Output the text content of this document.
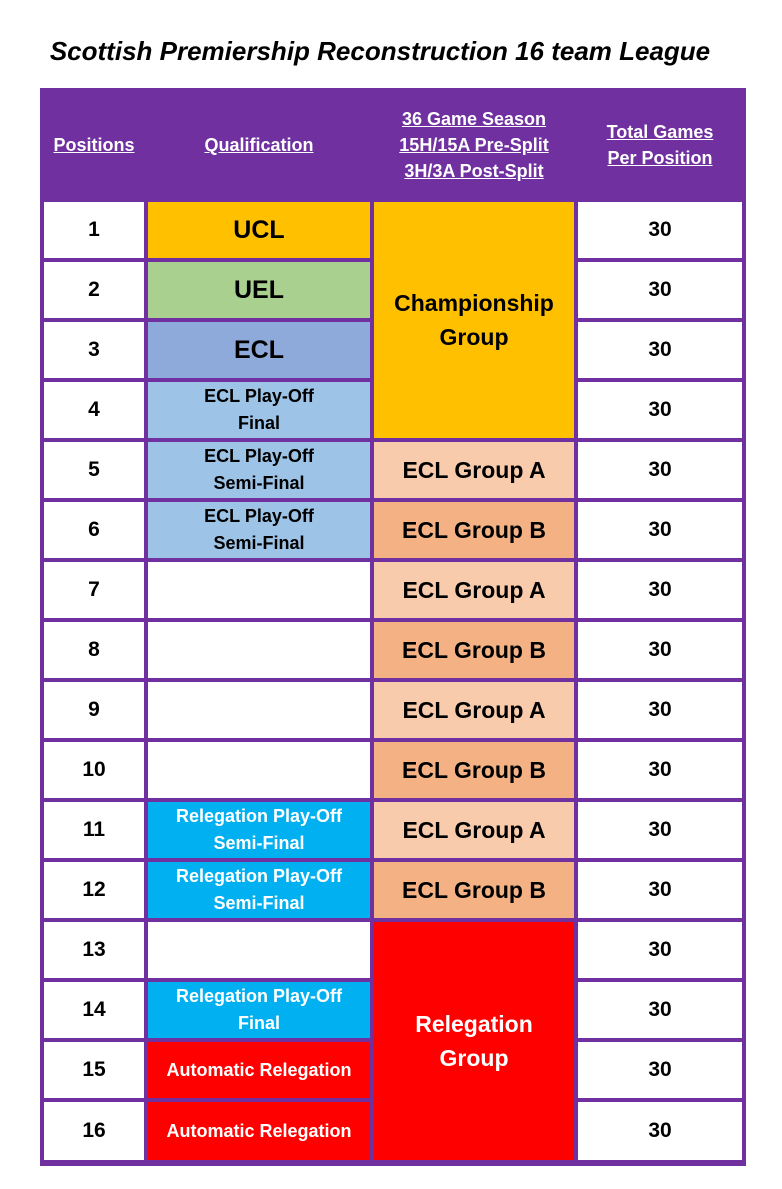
Scottish Premiership Reconstruction 16 team League
Positions	Qualification
36 Game Season
15H/15A Pre-Split
3H/3A Post-Split
Total Games
Per Position
1
2
3
4
5
6
7
8
9
10
11
12
13
14
15
16
UCL
UEL
ECL
ECL Play-Off
Final
ECL Play-Off
Semi-Final
ECL Play-Off
Semi-Final
Relegation Play-Off
Semi-Final
Relegation Play-Off
Semi-Final
Relegation Play-Off
Final
Automatic Relegation
Automatic Relegation
Championship
Group
ECL Group A
ECL Group B
ECL Group A
ECL Group B
ECL Group A
ECL Group B
ECL Group A
ECL Group B
Relegation
Group
30
30
30
30
30
30
30
30
30
30
30
30
30
30
30
30
